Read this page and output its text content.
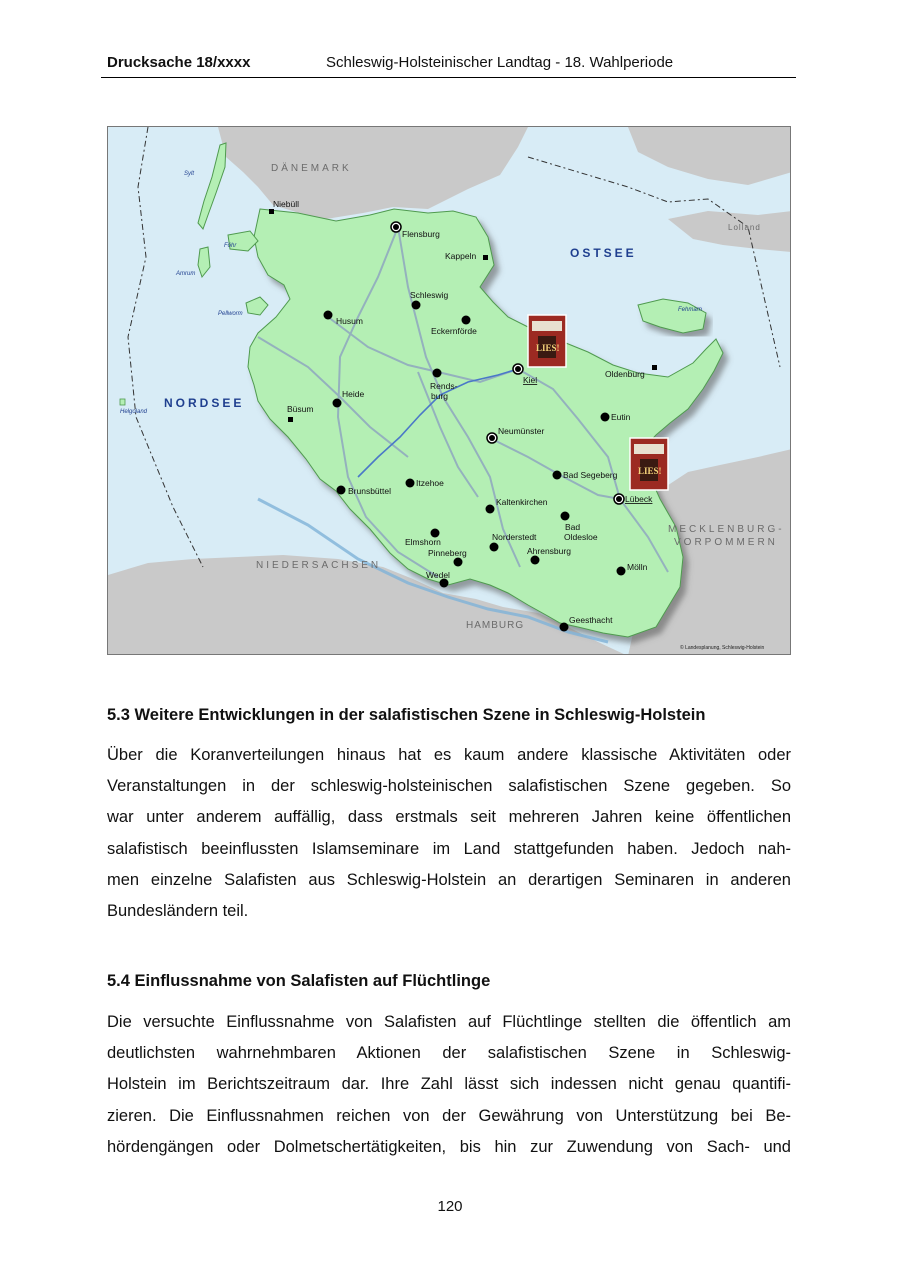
Drucksache 18/xxxx	Schleswig-Holsteinischer Landtag - 18. Wahlperiode
DÄNEMARK
OSTSEE
NORDSEE
Lolland
MECKLENBURG-
VORPOMMERN
NIEDERSACHSEN
HAMBURG
Sylt
Föhr
Amrum
Pellworm
Helgoland
Fehmarn
Niebüll
Flensburg
Kappeln
Schleswig
Husum
Eckernförde
Kiel
Oldenburg
Rends-
burg
Heide
Büsum
Eutin
Neumünster
Bad Segeberg
Itzehoe
Brunsbüttel
Lübeck
Kaltenkirchen
Bad
Oldesloe
Elmshorn	Norderstedt
Pinneberg	Ahrensburg
Wedel
Mölln
Geesthacht
LIES!
LIES!
© Landesplanung, Schleswig-Holstein
5.3 Weitere Entwicklungen in der salafistischen Szene in Schleswig-Holstein
Über die Koranverteilungen hinaus hat es kaum andere klassische Aktivitäten oder
Veranstaltungen in der schleswig-holsteinischen salafistischen Szene gegeben. So
war unter anderem auffällig, dass erstmals seit mehreren Jahren keine öffentlichen
salafistisch beeinflussten Islamseminare im Land stattgefunden haben. Jedoch nah-
men einzelne Salafisten aus Schleswig-Holstein an derartigen Seminaren in anderen
Bundesländern teil.
5.4 Einflussnahme von Salafisten auf Flüchtlinge
Die versuchte Einflussnahme von Salafisten auf Flüchtlinge stellten die öffentlich am
deutlichsten wahrnehmbaren Aktionen der salafistischen Szene in Schleswig-
Holstein im Berichtszeitraum dar. Ihre Zahl lässt sich indessen nicht genau quantifi-
zieren. Die Einflussnahmen reichen von der Gewährung von Unterstützung bei Be-
hördengängen oder Dolmetschertätigkeiten, bis hin zur Zuwendung von Sach- und
120
